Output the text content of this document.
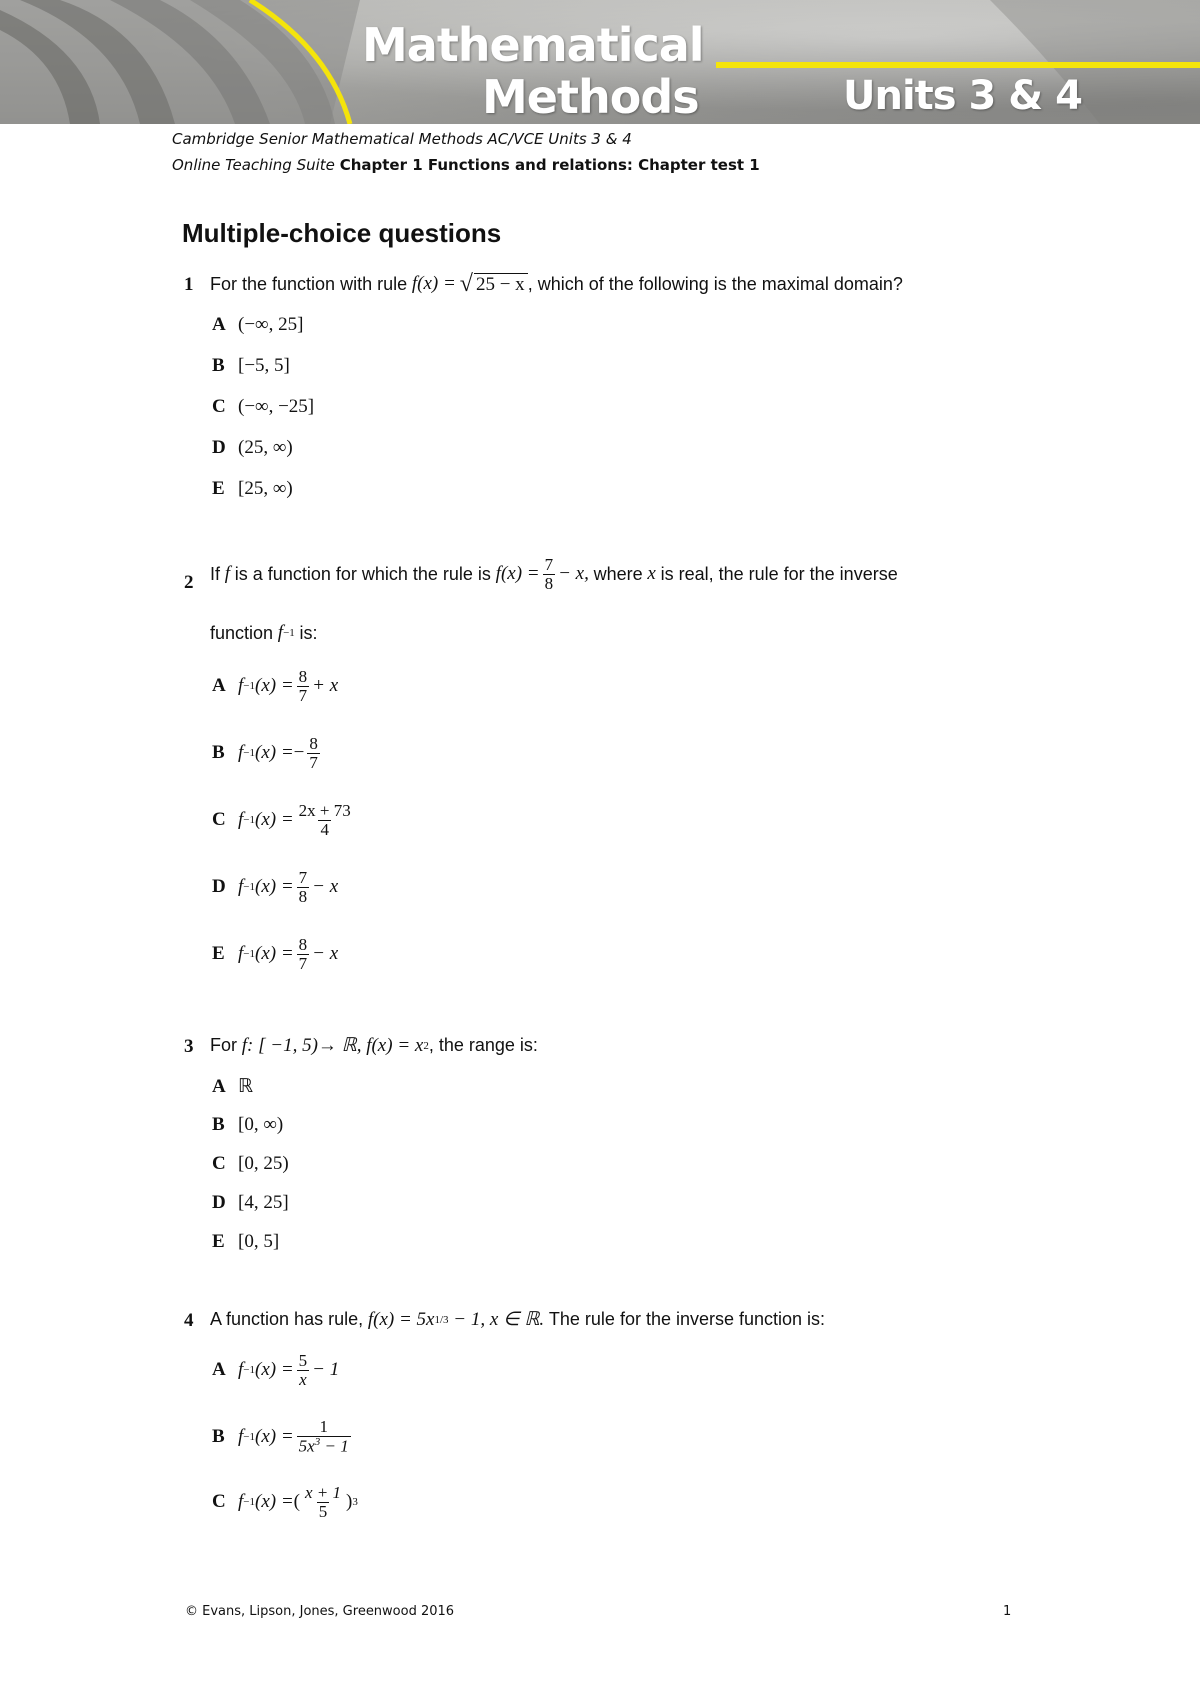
Mathematical
Methods	Units 3 & 4
Cambridge Senior Mathematical Methods AC/VCE Units 3 & 4
Online Teaching Suite Chapter 1 Functions and relations: Chapter test 1
Multiple-choice questions
1 For the function with rule
f(x) = √ 25 − x , which of the following is the maximal domain?
A (−∞, 25]
B [−5, 5]
C (−∞, −25]
D (25, ∞)
E [25, ∞)
2 If
f
is a function for which the rule is
$f(x) = \frac{7}{8} - x$,
where
x
is real, the rule for the inverse
function
f −1
is:
A f −1 $(x) = \frac{8}{7} + x$
B f −1 (x) = − $\frac{8}{7}$
C f −1 $(x) = \frac{2x + 73}{4}$
D f −1 $(x) = \frac{7}{8} - x$
E f −1 $(x) = \frac{8}{7} - x$
3 For
f: [ −1, 5)→ ℝ,
f(x) = x 2 , the range is:
A ℝ
B [0, ∞)
C [0, 25)
D [4, 25]
E [0, 5]
4 A function has rule,
f(x) = 5x 1/3
− 1, x ∈ ℝ.
The rule for the inverse function is:
A f −1 $(x) = \frac{5}{x} - 1$
B f −1 $(x) = \frac{1}{5x^3 - 1}$
C f −1 (x) = ( $\frac{x + 1}{5}$ ) 3
© Evans, Lipson, Jones, Greenwood 2016	1
